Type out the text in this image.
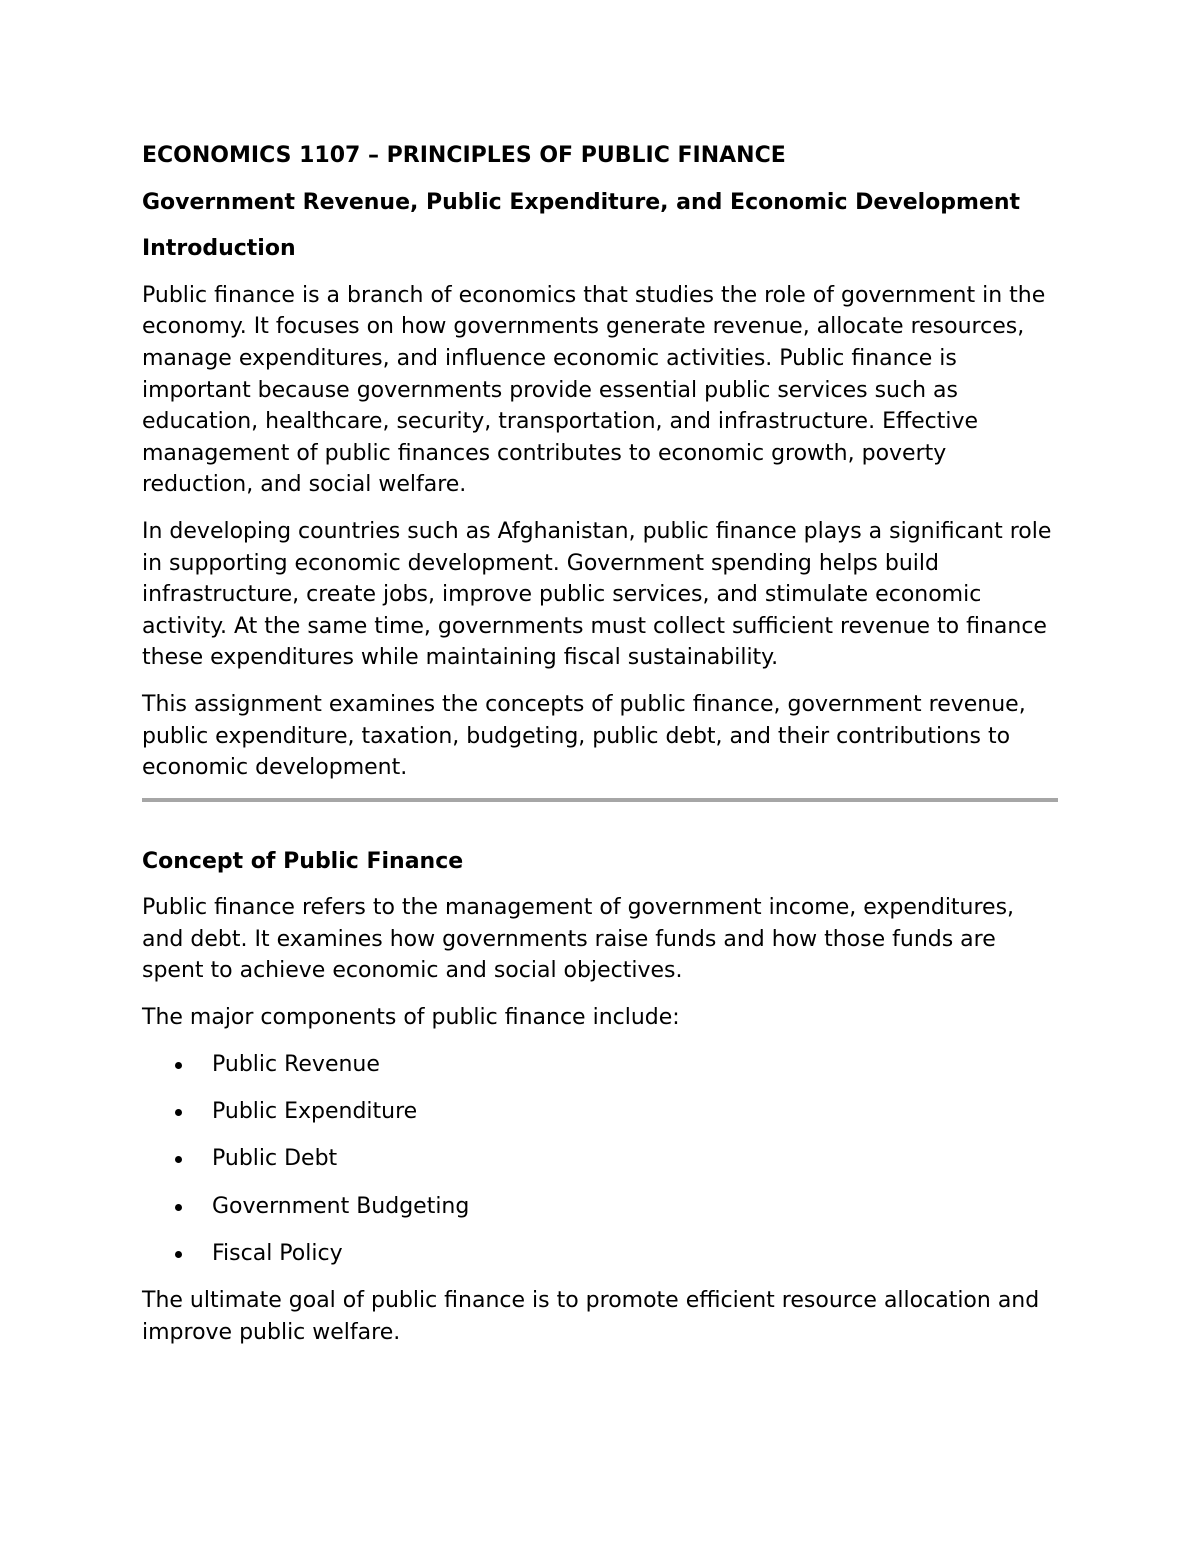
ECONOMICS 1107 – PRINCIPLES OF PUBLIC FINANCE
Government Revenue, Public Expenditure, and Economic Development
Introduction

Public finance is a branch of economics that studies the role of government in the economy. It focuses on how governments generate revenue, allocate resources, manage expenditures, and influence economic activities. Public finance is important because governments provide essential public services such as education, healthcare, security, transportation, and infrastructure. Effective management of public finances contributes to economic growth, poverty reduction, and social welfare.

In developing countries such as Afghanistan, public finance plays a significant role in supporting economic development. Government spending helps build infrastructure, create jobs, improve public services, and stimulate economic activity. At the same time, governments must collect sufficient revenue to finance these expenditures while maintaining fiscal sustainability.

This assignment examines the concepts of public finance, government revenue, public expenditure, taxation, budgeting, public debt, and their contributions to economic development.

Concept of Public Finance

Public finance refers to the management of government income, expenditures, and debt. It examines how governments raise funds and how those funds are spent to achieve economic and social objectives.

The major components of public finance include:

Public Revenue
Public Expenditure
Public Debt
Government Budgeting
Fiscal Policy

The ultimate goal of public finance is to promote efficient resource allocation and improve public welfare.
